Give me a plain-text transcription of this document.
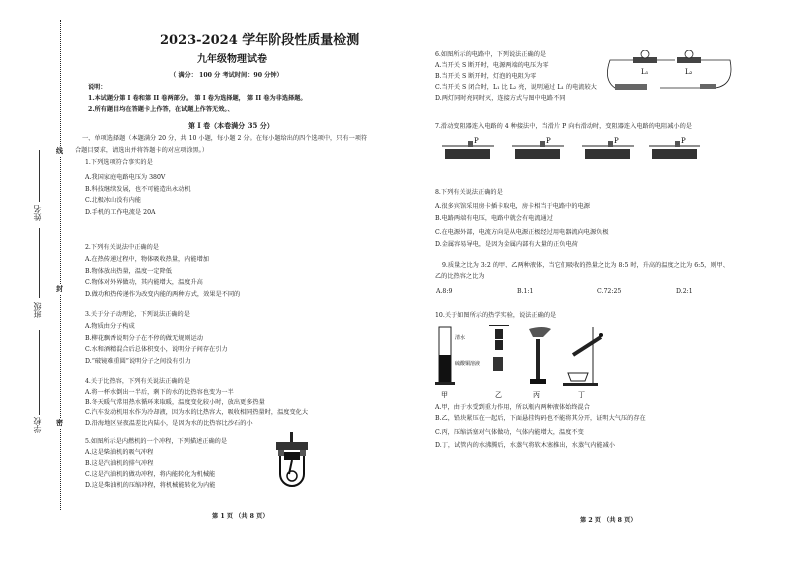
线
封
密
姓名
班级
学校
2023-2024 学年阶段性质量检测
九年级物理试卷
（ 满分： 100 分 考试时间：90 分钟）
说明：
1.本试题分第 I 卷和第 II 卷两部分。 第 I 卷为选择题， 第 II 卷为非选择题。
2.所有题目均在答题卡上作答，在试题上作答无效。、
第 I 卷（本卷满分 35 分）
一、单项选择题（本题满分 20 分，共 10 小题，每小题 2 分。在每小题给出的四个选项中，只有一项符
合题目要求，请选出并将答题卡的对应项涂黑。）
1.下列选项符合事实的是
A.我国家庭电路电压为 380V
B.科技继续发展，也不可能造出永动机
C.北极冰山没有内能
D.手机的工作电流是 20A
2.下列有关说法中正确的是
A.在热传递过程中，物体吸收热量，内能增加
B.物体放出热量，温度一定降低
C.物体对外界做功，其内能增大，温度升高
D.做功和热传递作为改变内能的两种方式，效果是不同的
3.关于分子动理论，下列说法正确的是
A.物质由分子构成
B.柳花飘香说明分子在不停的做无规则运动
C.水和酒精混合后总体积变小，说明分子间存在引力
D.“破镜难重圆”说明分子之间没有引力
4.关于比热容，下列有关说法正确的是
A.将一杯水倒出一半后，剩下的水的比热容也变为一半
B.冬天暖气常用热水循环来取暖，温度变化较小时，放出更多热量
C.汽车发动机用水作为冷却液，因为水的比热容大，吸收相同热量时，温度变化大
D.沿海地区昼夜温差比内陆小，是因为水的比热容比沙石的小
5.如图所示是内燃机的一个冲程，下列描述正确的是
A.这是柴油机的吸气冲程
B.这是汽油机的排气冲程
C.这是汽油机的做功冲程，将内能转化为机械能
D.这是柴油机的压缩冲程，将机械能转化为内能
第 1 页 （共 8 页）
6.如图所示的电路中，下列说法正确的是
A.当开关 S 断开时，电源两端的电压为零
B.当开关 S 断开时，灯泡的电阻为零
C.当开关 S 闭合时，L₁ 比 L₂ 亮，说明通过 L₁ 的电流较大
D.两灯同时亮同时灭，连接方式与图中电路不同
L₁	L₂
7.滑动变阻器连入电路的 4 种接法中，当滑片 P 向右滑动时，变阻器连入电路的电阻减小的是
P	P	P	P
8.下列有关说法正确的是
A.很多宾馆采用房卡插卡取电，房卡相当于电路中的电源
B.电路两端有电压，电路中就会有电流通过
C.在电源外部，电流方向是从电源正极经过用电器流向电源负极
D.金属容易导电，是因为金属内部有大量的正负电荷
9.质量之比为 3:2 的甲、乙两种液体，当它们吸收的热量之比为 8:5 时，升高的温度之比为 6:5，则甲、
乙的比热容之比为
A.8:9	B.1:1	C.72:25	D.2:1
10.关于如图所示的热学实验，说法正确的是
清水
硫酸铜溶液
甲	乙	丙	丁
A.甲，由于水受到重力作用，所以瓶内两种液体始终混合
B.乙，铅块紧压在一起后，下面悬挂钩码也不能将其分开，证明大气压的存在
C.丙，压缩活塞对气体做功，气体内能增大，温度不变
D.丁，试管内的水沸腾后，水蒸气将软木塞推出，水蒸气内能减小
第 2 页 （共 8 页）
